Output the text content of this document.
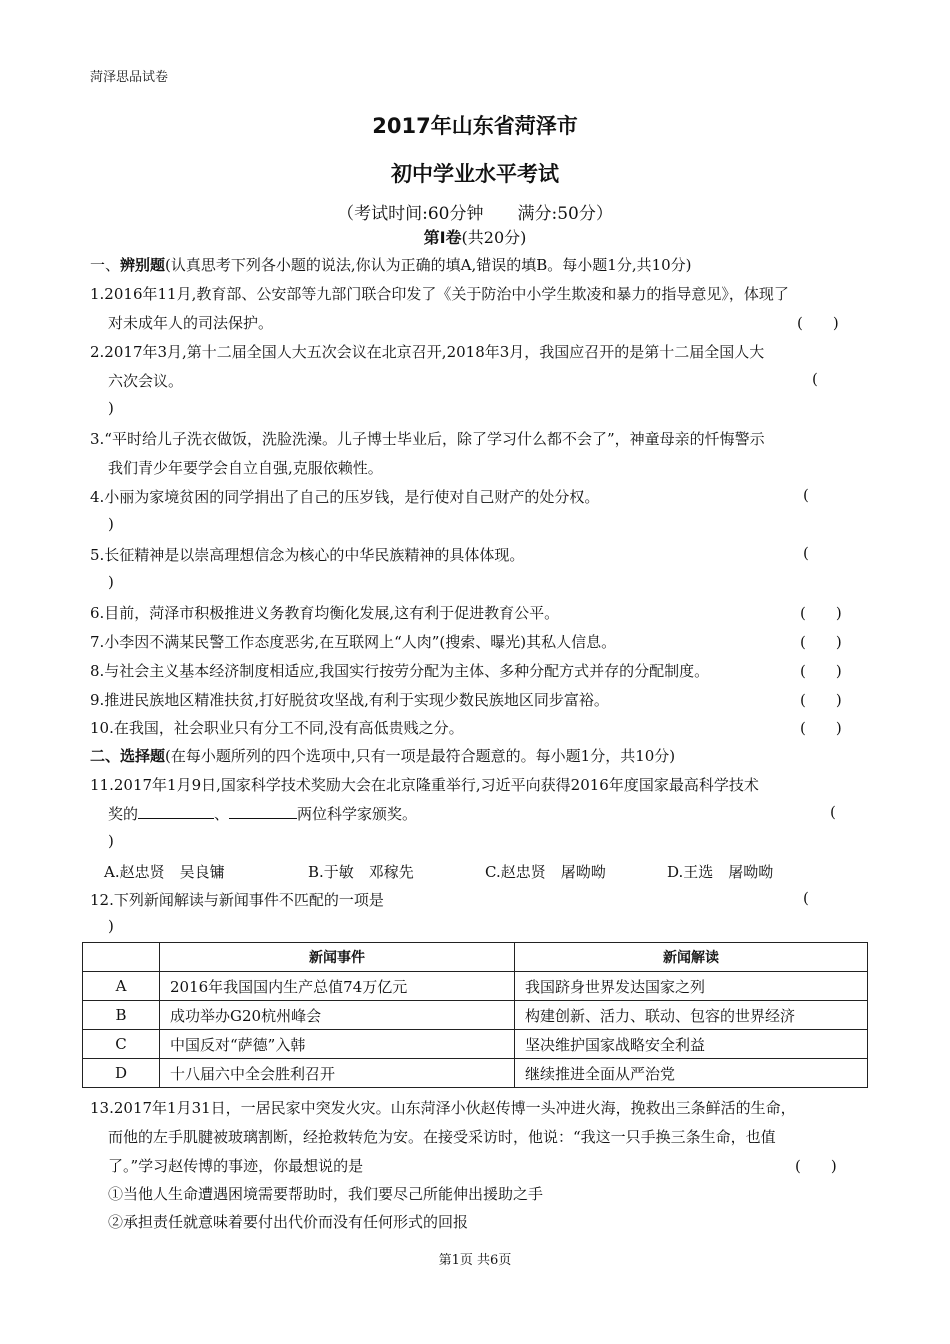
菏泽思品试卷
2017年山东省菏泽市
初中学业水平考试
（考试时间:60分钟　　满分:50分）
第Ⅰ卷(共20分)
一、辨别题(认真思考下列各小题的说法,你认为正确的填A,错误的填B。每小题1分,共10分)
1.2016年11月,教育部、公安部等九部门联合印发了《关于防治中小学生欺凌和暴力的指导意见》，体现了
对未成年人的司法保护。	(　　)
2.2017年3月,第十二届全国人大五次会议在北京召开,2018年3月，我国应召开的是第十二届全国人大
六次会议。	(
)
3.“平时给儿子洗衣做饭，洗脸洗澡。儿子博士毕业后，除了学习什么都不会了”，神童母亲的忏悔警示
我们青少年要学会自立自强,克服依赖性。
4.小丽为家境贫困的同学捐出了自己的压岁钱，是行使对自己财产的处分权。	(
)
5.长征精神是以崇高理想信念为核心的中华民族精神的具体体现。	(
)
6.目前，菏泽市积极推进义务教育均衡化发展,这有利于促进教育公平。	(　　)
7.小李因不满某民警工作态度恶劣,在互联网上“人肉”(搜索、曝光)其私人信息。	(　　)
8.与社会主义基本经济制度相适应,我国实行按劳分配为主体、多种分配方式并存的分配制度。	(　　)
9.推进民族地区精准扶贫,打好脱贫攻坚战,有利于实现少数民族地区同步富裕。	(　　)
10.在我国，社会职业只有分工不同,没有高低贵贱之分。	(　　)
二、选择题(在每小题所列的四个选项中,只有一项是最符合题意的。每小题1分，共10分)
11.2017年1月9日,国家科学技术奖励大会在北京隆重举行,习近平向获得2016年度国家最高科学技术
奖的	、	两位科学家颁奖。	(
)
A.赵忠贤　吴良镛	B.于敏　邓稼先	C.赵忠贤　屠呦呦	D.王选　屠呦呦
12.下列新闻解读与新闻事件不匹配的一项是	(
)
	新闻事件	新闻解读
A	2016年我国国内生产总值74万亿元	我国跻身世界发达国家之列
B	成功举办G20杭州峰会	构建创新、活力、联动、包容的世界经济
C	中国反对“萨德”入韩	坚决维护国家战略安全利益
D	十八届六中全会胜利召开	继续推进全面从严治党
13.2017年1月31日，一居民家中突发火灾。山东菏泽小伙赵传博一头冲进火海，挽救出三条鲜活的生命，
而他的左手肌腱被玻璃割断，经抢救转危为安。在接受采访时，他说：“我这一只手换三条生命，也值
了。”学习赵传博的事迹，你最想说的是	(　　)
①当他人生命遭遇困境需要帮助时，我们要尽己所能伸出援助之手
②承担责任就意味着要付出代价而没有任何形式的回报
第1页 共6页
